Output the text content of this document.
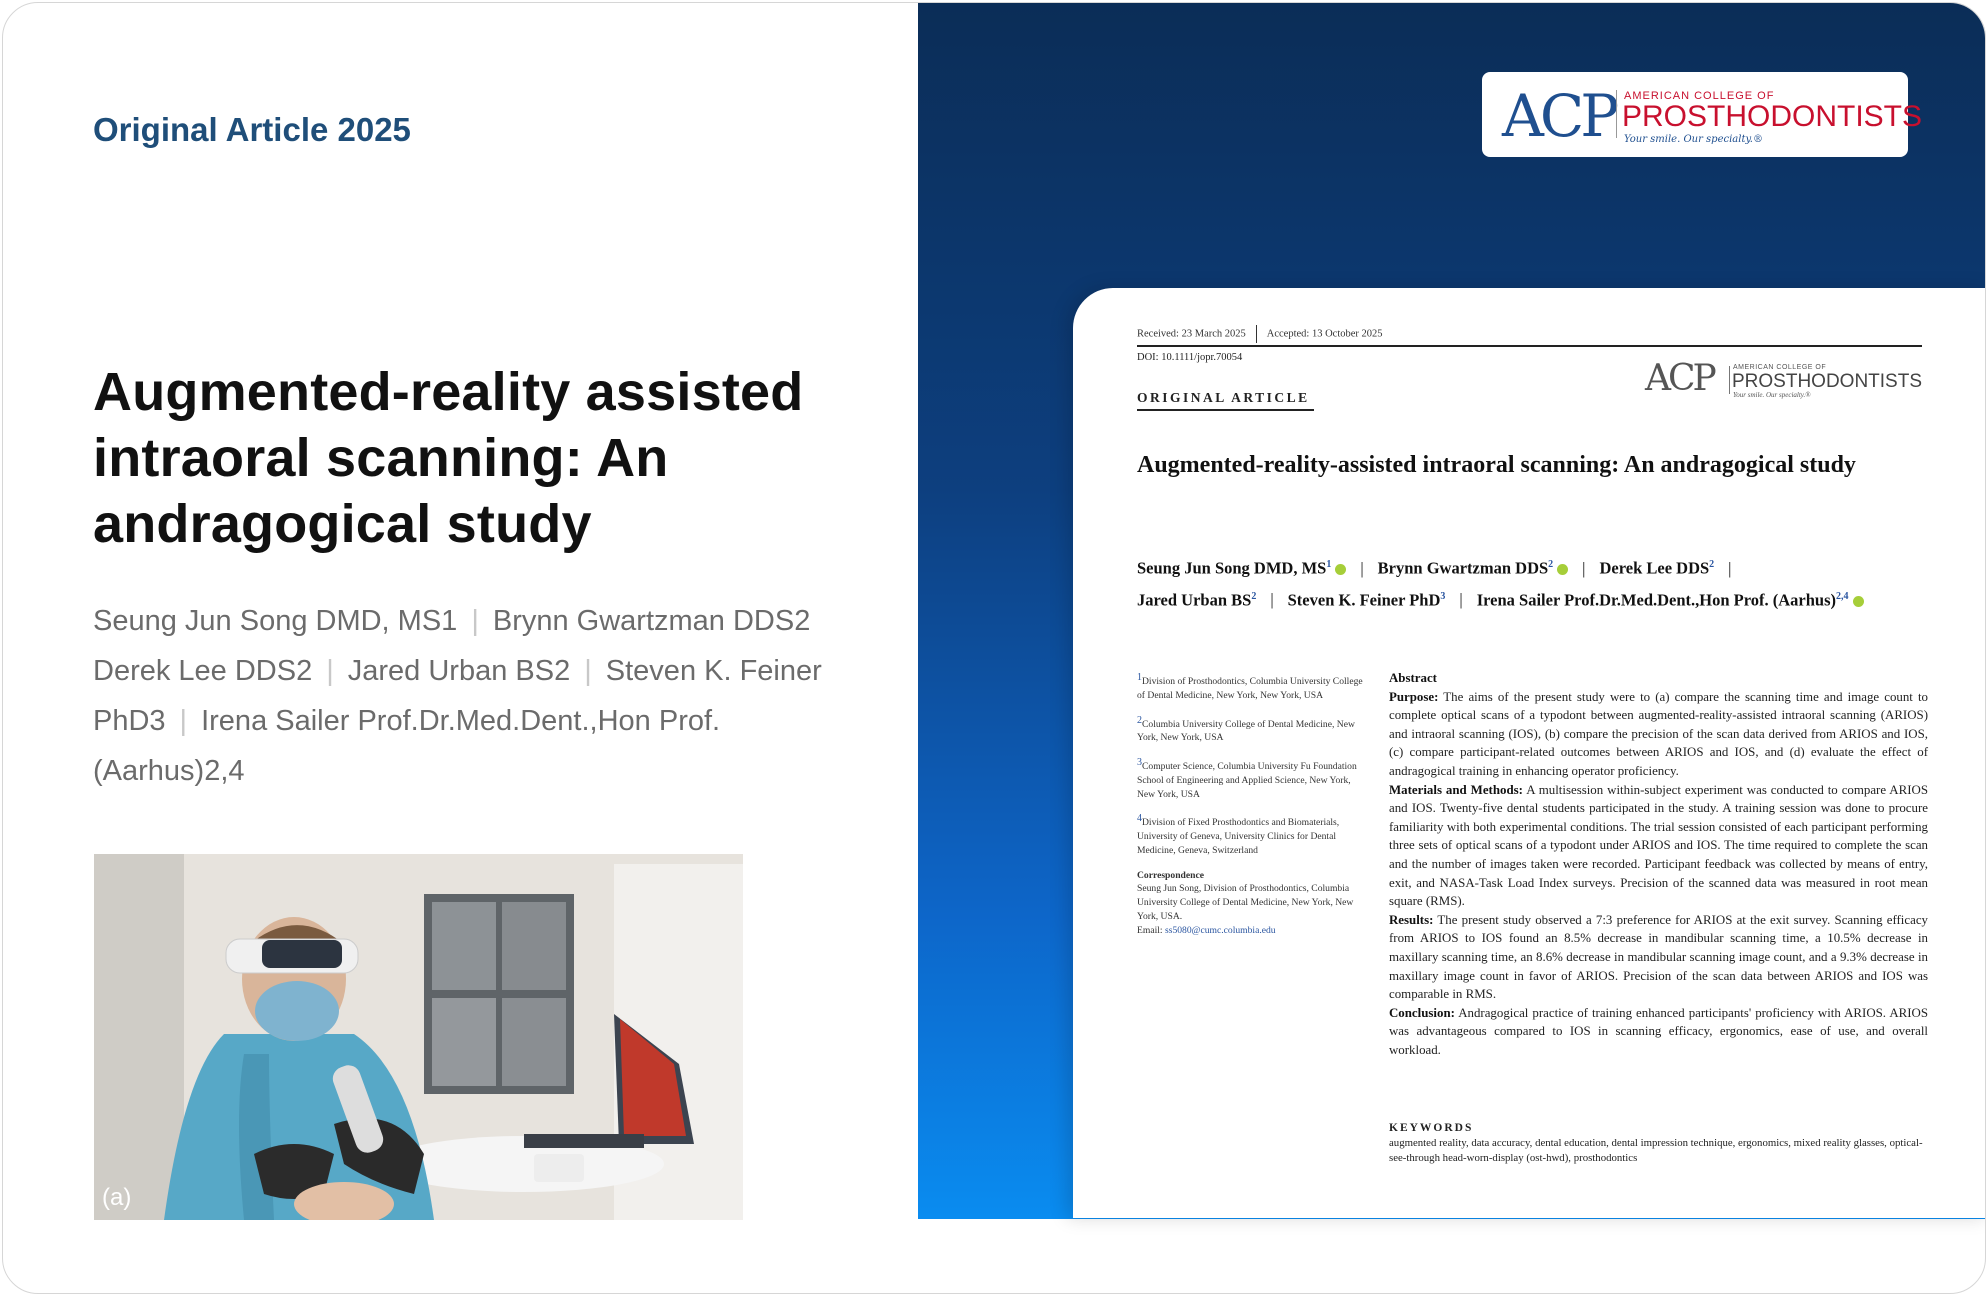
Original Article 2025
Augmented-reality assisted intraoral scanning: An andragogical study
Seung Jun Song DMD, MS1 | Brynn Gwartzman DDS2
Derek Lee DDS2 | Jared Urban BS2 | Steven K. Feiner PhD3 | Irena Sailer Prof.Dr.Med.Dent.,Hon Prof. (Aarhus)2,4
(a)
ACP AMERICAN COLLEGE OF
PROSTHODONTISTS
Your smile. Our specialty.®
Received: 23 March 2025 Accepted: 13 October 2025
DOI: 10.1111/jopr.70054
ORIGINAL ARTICLE	ACP	AMERICAN COLLEGE OF
PROSTHODONTISTS
Your smile. Our specialty.®
Augmented-reality-assisted intraoral scanning: An andragogical study
Seung Jun Song DMD, $MS^1$ | Brynn Gwartzman DDS$^2$ | Derek Lee DDS$^2$ |
Jared Urban $BS^2$ | Steven K. Feiner PhD$^3$ | Irena Sailer Prof.Dr.Med.Dent.,Hon Prof. (Aarhus)$^{2,4}$

$^1$Division of Prosthodontics, Columbia University College of Dental Medicine, New York, New York, USA

$^2$Columbia University College of Dental Medicine, New York, New York, USA

$^3$Computer Science, Columbia University Fu Foundation School of Engineering and Applied Science, New York, New York, USA

$^4$Division of Fixed Prosthodontics and Biomaterials, University of Geneva, University Clinics for Dental Medicine, Geneva, Switzerland

Correspondence

Seung Jun Song, Division of Prosthodontics, Columbia University College of Dental Medicine, New York, New York, USA.
Email: ss5080@cumc.columbia.edu

Abstract

Purpose: The aims of the present study were to (a) compare the scanning time and image count to complete optical scans of a typodont between augmented-reality-assisted intraoral scanning (ARIOS) and intraoral scanning (IOS), (b) compare the precision of the scan data derived from ARIOS and IOS, (c) compare participant-related outcomes between ARIOS and IOS, and (d) evaluate the effect of andragogical training in enhancing operator proficiency.

Materials and Methods: A multisession within-subject experiment was conducted to compare ARIOS and IOS. Twenty-five dental students participated in the study. A training session was done to procure familiarity with both experimental conditions. The trial session consisted of each participant performing three sets of optical scans of a typodont under ARIOS and IOS. The time required to complete the scan and the number of images taken were recorded. Participant feedback was collected by means of entry, exit, and NASA-Task Load Index surveys. Precision of the scanned data was measured in root mean square (RMS).

Results: The present study observed a 7:3 preference for ARIOS at the exit survey. Scanning efficacy from ARIOS to IOS found an 8.5% decrease in mandibular scanning time, a 10.5% decrease in maxillary scanning time, an 8.6% decrease in mandibular scanning image count, and a 9.3% decrease in maxillary image count in favor of ARIOS. Precision of the scan data between ARIOS and IOS was comparable in RMS.

Conclusion: Andragogical practice of training enhanced participants' proficiency with ARIOS. ARIOS was advantageous compared to IOS in scanning efficacy, ergonomics, ease of use, and overall workload.

KEYWORDS
augmented reality, data accuracy, dental education, dental impression technique, ergonomics, mixed reality glasses, optical-see-through head-worn-display (ost-hwd), prosthodontics
